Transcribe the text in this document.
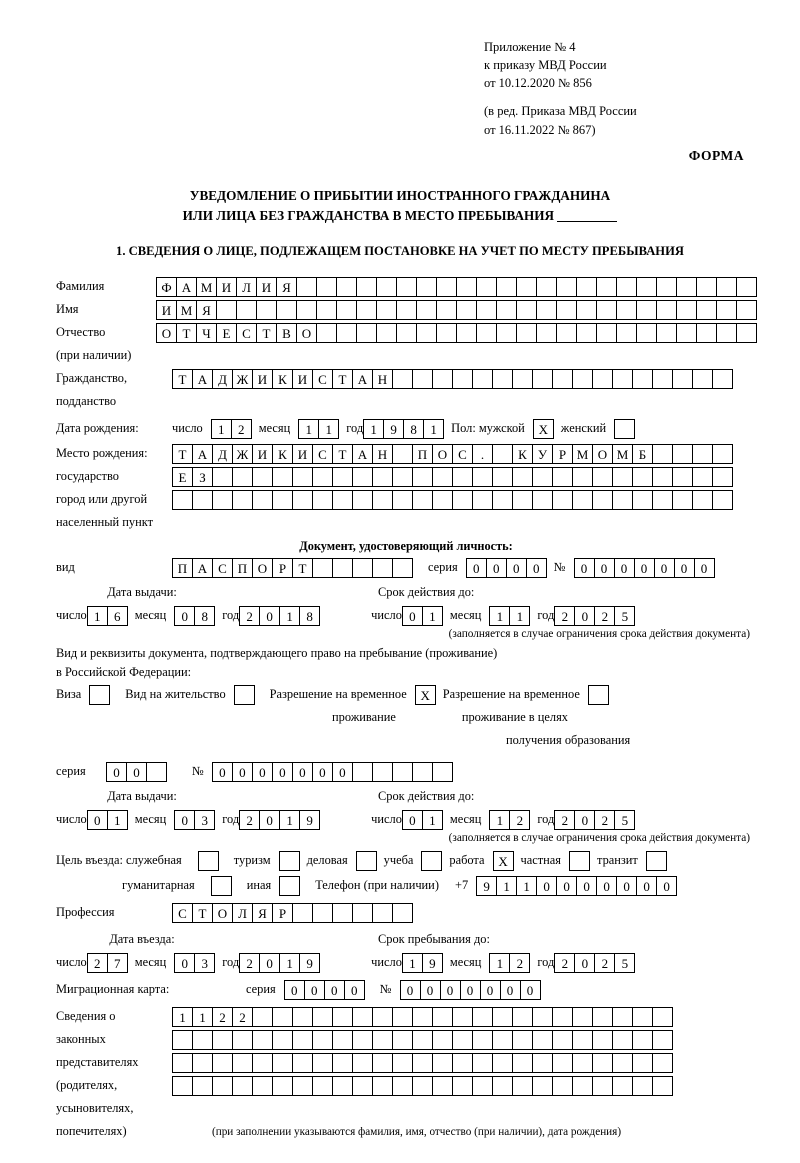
Приложение № 4
к приказу МВД России
от 10.12.2020 № 856
(в ред. Приказа МВД России
от 16.11.2022 № 867)
ФОРМА
УВЕДОМЛЕНИЕ О ПРИБЫТИИ ИНОСТРАННОГО ГРАЖДАНИНА
ИЛИ ЛИЦА БЕЗ ГРАЖДАНСТВА В МЕСТО ПРЕБЫВАНИЯ
1. СВЕДЕНИЯ О ЛИЦЕ, ПОДЛЕЖАЩЕМ ПОСТАНОВКЕ НА УЧЕТ ПО МЕСТУ ПРЕБЫВАНИЯ
Фамилия	Ф А М И Л И Я
Имя	И М Я
Отчество	О Т Ч Е С Т В О
(при наличии)
Гражданство,	Т А Д Ж И К И С Т А Н
подданство
Дата рождения:	число	1	2	месяц	1	1	год 1	9	8	1	Пол: мужской	Х	женский
Место рождения:	Т А Д Ж И К И С Т А Н	П О С	.	К У Р М О М Б
государство	Е З
город или другой
населенный пункт
Документ, удостоверяющий личность:
вид	П А С П О Р Т	серия	0	0	0	0	№	0	0	0	0	0	0	0
Дата выдачи:	Срок действия до:
число 1	6	месяц	0	8	год 2	0	1	8	число 0	1	месяц	1	1	год 2	0	2	5
(заполняется в случае ограничения срока действия документа)
Вид и реквизиты документа, подтверждающего право на пребывание (проживание)
в Российской Федерации:
Виза	Вид на жительство	Разрешение на временное	Х	Разрешение на временное
проживание	проживание в целях
получения образования
серия	0	0	№	0	0	0	0	0	0	0
Дата выдачи:	Срок действия до:
число 0	1	месяц	0	3	год 2	0	1	9	число 0	1	месяц	1	2	год 2	0	2	5
(заполняется в случае ограничения срока действия документа)
Цель въезда: служебная	туризм	деловая	учеба	работа	Х	частная	транзит
гуманитарная	иная	Телефон (при наличии) +7	9	1	1	0	0	0	0	0	0	0
Профессия	С Т О Л Я Р
Дата въезда:	Срок пребывания до:
число 2	7	месяц	0	3	год 2	0	1	9	число 1	9	месяц	1	2	год 2	0	2	5
Миграционная карта:	серия	0	0	0	0	№	0	0	0	0	0	0	0
Сведения о	1	1	2	2
законных
представителях
(родителях,
усыновителях,
попечителях)	(при заполнении указываются фамилия, имя, отчество (при наличии), дата рождения)
